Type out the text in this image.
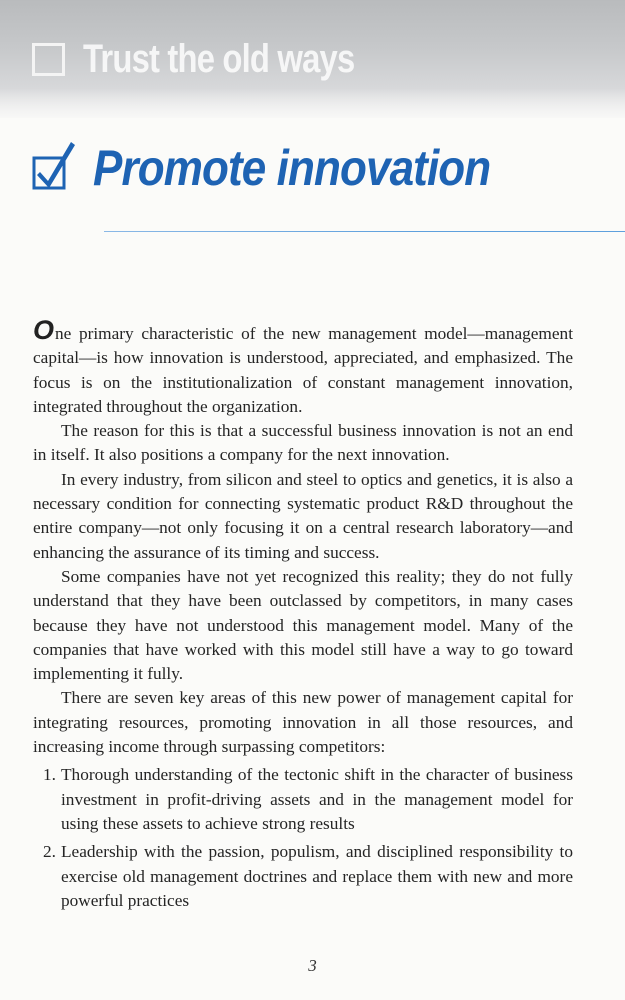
Trust the old ways
Promote innovation

One primary characteristic of the new management model—management capital—is how innovation is understood, appreciated, and emphasized. The focus is on the institutionalization of constant management innovation, integrated throughout the organization.

The reason for this is that a successful business innovation is not an end in itself. It also positions a company for the next innovation.

In every industry, from silicon and steel to optics and genetics, it is also a necessary condition for connecting systematic product R&D throughout the entire company—not only focusing it on a central research laboratory—and enhancing the assurance of its timing and success.

Some companies have not yet recognized this reality; they do not fully understand that they have been outclassed by competitors, in many cases because they have not understood this management model. Many of the companies that have worked with this model still have a way to go toward implementing it fully.

There are seven key areas of this new power of management capital for integrating resources, promoting innovation in all those resources, and increasing income through surpassing competitors:

1. Thorough understanding of the tectonic shift in the character of business investment in profit-driving assets and in the management model for using these assets to achieve strong results
2. Leadership with the passion, populism, and disciplined responsibility to exercise old management doctrines and replace them with new and more powerful practices
3
